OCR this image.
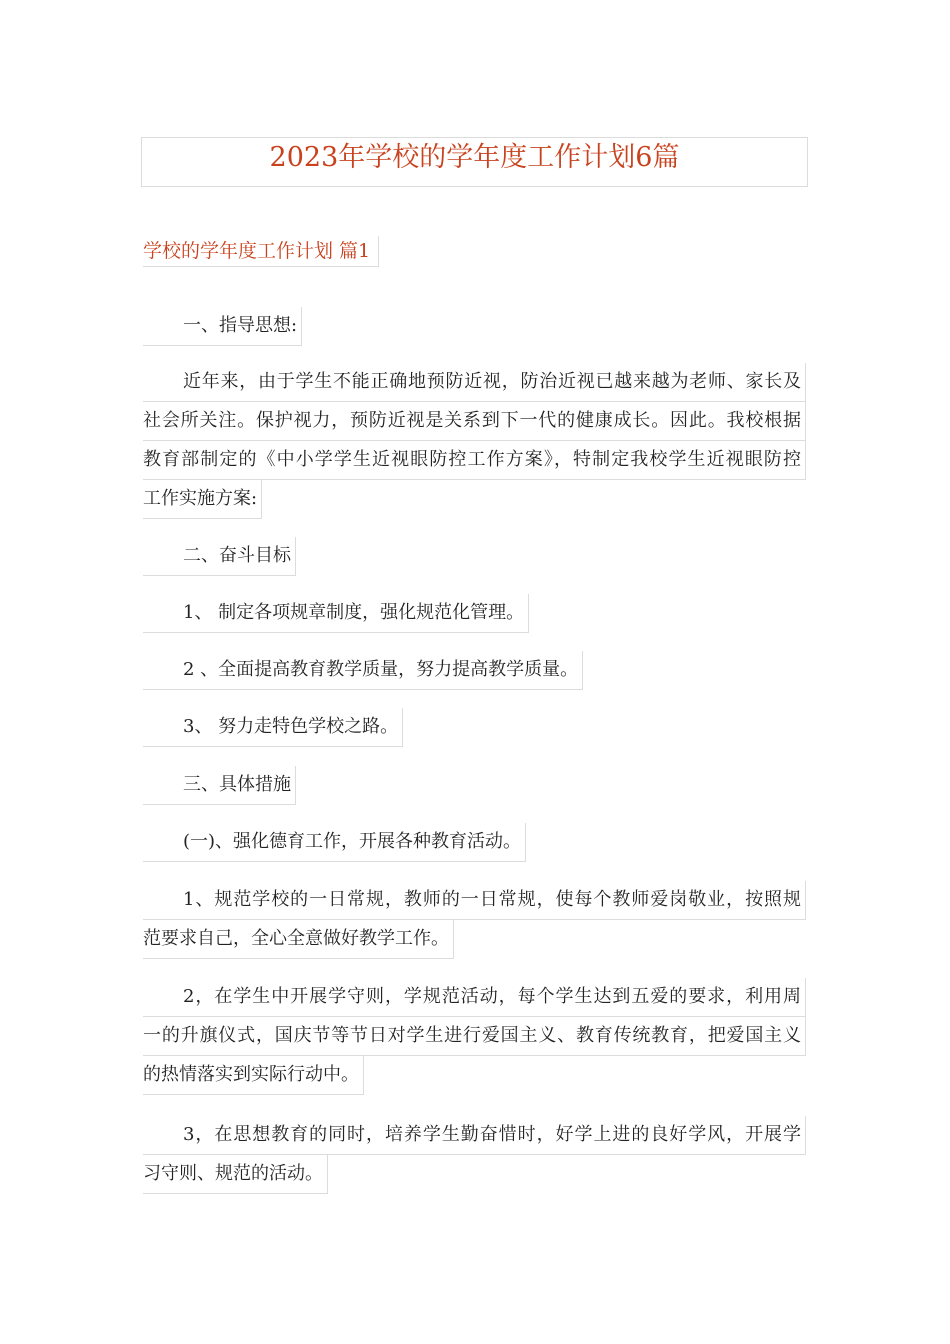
2023年学校的学年度工作计划6篇
学校的学年度工作计划 篇1
一、指导思想:
近年来，由于学生不能正确地预防近视，防治近视已越来越为老师、家长及
社会所关注。保护视力，预防近视是关系到下一代的健康成长。因此。我校根据
教育部制定的《中小学学生近视眼防控工作方案》，特制定我校学生近视眼防控
工作实施方案:
二、奋斗目标
1、 制定各项规章制度，强化规范化管理。
2 、全面提高教育教学质量，努力提高教学质量。
3、 努力走特色学校之路。
三、具体措施
(一)、强化德育工作，开展各种教育活动。
1、规范学校的一日常规，教师的一日常规，使每个教师爱岗敬业，按照规
范要求自己，全心全意做好教学工作。
2，在学生中开展学守则，学规范活动，每个学生达到五爱的要求，利用周
一的升旗仪式，国庆节等节日对学生进行爱国主义、教育传统教育，把爱国主义
的热情落实到实际行动中。
3，在思想教育的同时，培养学生勤奋惜时，好学上进的良好学风，开展学
习守则、规范的活动。
